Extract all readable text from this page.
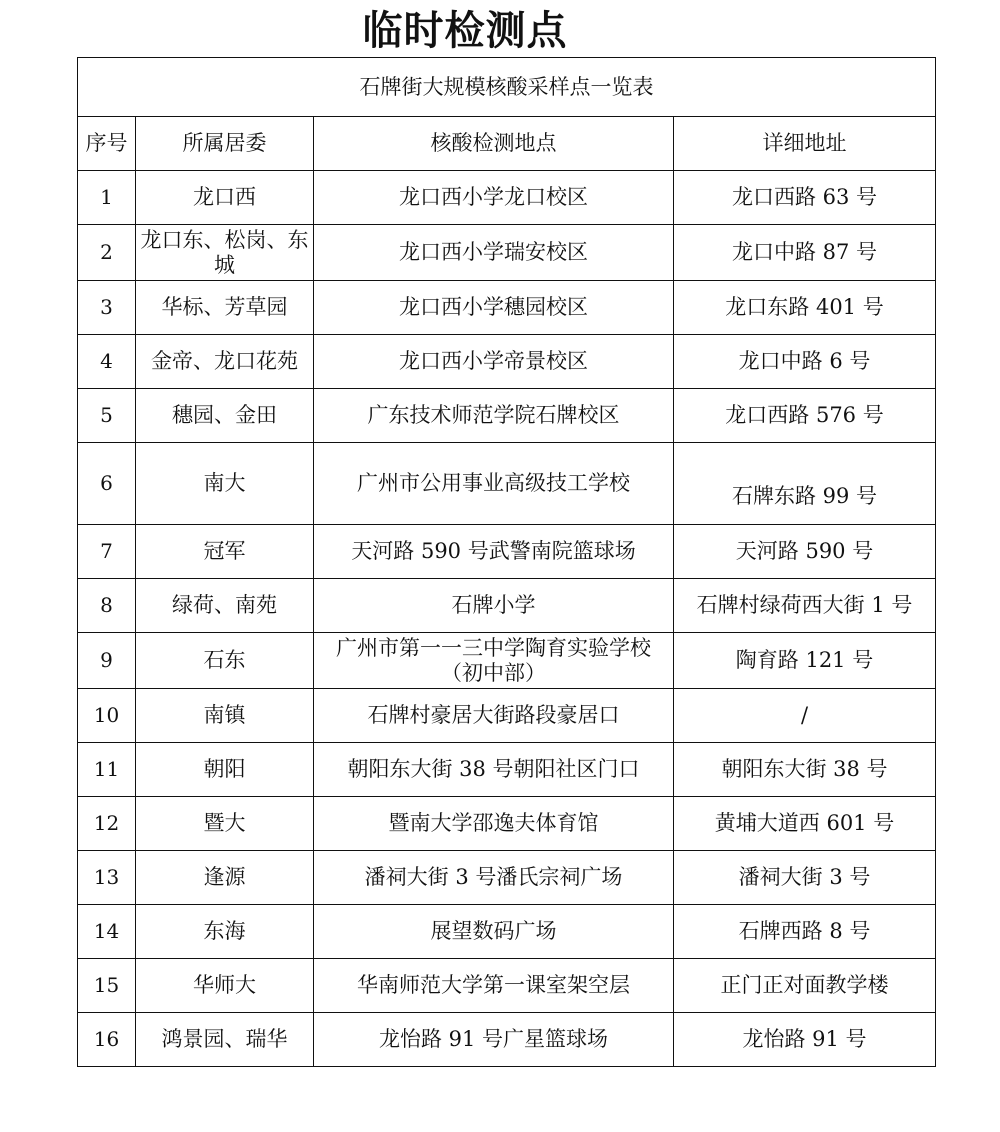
临时检测点
石牌街大规模核酸采样点一览表			
序号	所属居委	核酸检测地点	详细地址
1	龙口西	龙口西小学龙口校区	龙口西路 63 号
2	龙口东、松岗、东城	龙口西小学瑞安校区	龙口中路 87 号
3	华标、芳草园	龙口西小学穗园校区	龙口东路 401 号
4	金帝、龙口花苑	龙口西小学帝景校区	龙口中路 6 号
5	穗园、金田	广东技术师范学院石牌校区	龙口西路 576 号
6	南大	广州市公用事业高级技工学校	石牌东路 99 号
7	冠军	天河路 590 号武警南院篮球场	天河路 590 号
8	绿荷、南苑	石牌小学	石牌村绿荷西大街 1 号
9	石东	广州市第一一三中学陶育实验学校（初中部）	陶育路 121 号
10	南镇	石牌村豪居大街路段豪居口	/
11	朝阳	朝阳东大街 38 号朝阳社区门口	朝阳东大街 38 号
12	暨大	暨南大学邵逸夫体育馆	黄埔大道西 601 号
13	逢源	潘祠大街 3 号潘氏宗祠广场	潘祠大街 3 号
14	东海	展望数码广场	石牌西路 8 号
15	华师大	华南师范大学第一课室架空层	正门正对面教学楼
16	鸿景园、瑞华	龙怡路 91 号广星篮球场	龙怡路 91 号
